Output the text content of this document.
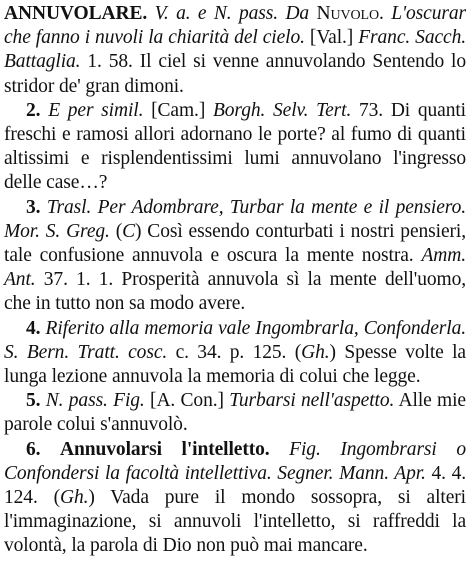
ANNUVOLARE. V. a. e N. pass. Da Nuvolo. L'oscurar che fanno i nuvoli la chiarità del cielo. [Val.] Franc. Sacch. Battaglia. 1. 58. Il ciel si venne annuvolando Sentendo lo stridor de' gran dimoni.

2. E per simil. [Cam.] Borgh. Selv. Tert. 73. Di quanti freschi e ramosi allori adornano le porte? al fumo di quanti altissimi e risplendentissimi lumi annuvolano l'ingresso delle case…?

3. Trasl. Per Adombrare, Turbar la mente e il pensiero. Mor. S. Greg. (C) Così essendo conturbati i nostri pensieri, tale confusione annuvola e oscura la mente nostra. Amm. Ant. 37. 1. 1. Prosperità annuvola sì la mente dell'uomo, che in tutto non sa modo avere.

4. Riferito alla memoria vale Ingombrarla, Confonderla. S. Bern. Tratt. cosc. c. 34. p. 125. (Gh.) Spesse volte la lunga lezione annuvola la memoria di colui che legge.

5. N. pass. Fig. [A. Con.] Turbarsi nell'aspetto. Alle mie parole colui s'annuvolò.

6. Annuvolarsi l'intelletto. Fig. Ingombrarsi o Confondersi la facoltà intellettiva. Segner. Mann. Apr. 4. 4. 124. (Gh.) Vada pure il mondo sossopra, si alteri l'immaginazione, si annuvoli l'intelletto, si raffreddi la volontà, la parola di Dio non può mai mancare.
